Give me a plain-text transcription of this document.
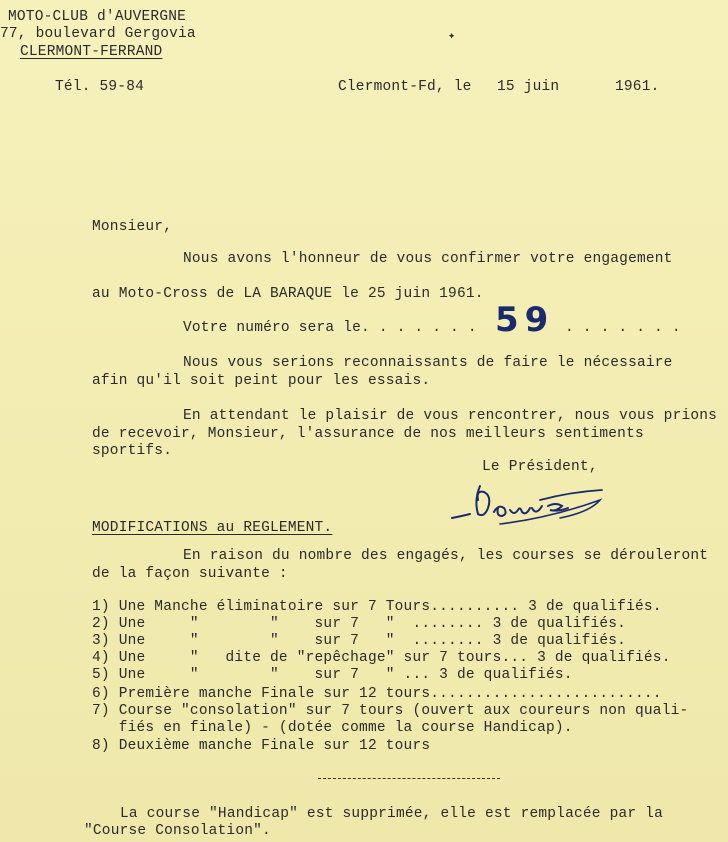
MOTO-CLUB d'AUVERGNE
77, boulevard Gergovia
CLERMONT-FERRAND
✦
Tél. 59-84	Clermont-Fd, le 15 juin	1961.
Monsieur,
Nous avons l'honneur de vous confirmer votre engagement
au Moto-Cross de LA BARAQUE le 25 juin 1961.
Votre numéro sera le. . . . . . . 59 . . . . . . .
Nous vous serions reconnaissants de faire le nécessaire
afin qu'il soit peint pour les essais.
En attendant le plaisir de vous rencontrer, nous vous prions
de recevoir, Monsieur, l'assurance de nos meilleurs sentiments
sportifs.
Le Président,
MODIFICATIONS au REGLEMENT.
En raison du nombre des engagés, les courses se dérouleront
de la façon suivante :
1) Une Manche éliminatoire sur 7 Tours.......... 3 de qualifiés.
2) Une     "        "    sur 7   "  ........ 3 de qualifiés.
3) Une     "        "    sur 7   "  ........ 3 de qualifiés.
4) Une     "   dite de "repêchage" sur 7 tours... 3 de qualifiés.
5) Une     "        "    sur 7   " ... 3 de qualifiés.
6) Première manche Finale sur 12 tours..........................
7) Course "consolation" sur 7 tours (ouvert aux coureurs non quali-
fiés en finale) - (dotée comme la course Handicap).
8) Deuxième manche Finale sur 12 tours
La course "Handicap" est supprimée, elle est remplacée par la
"Course Consolation".
